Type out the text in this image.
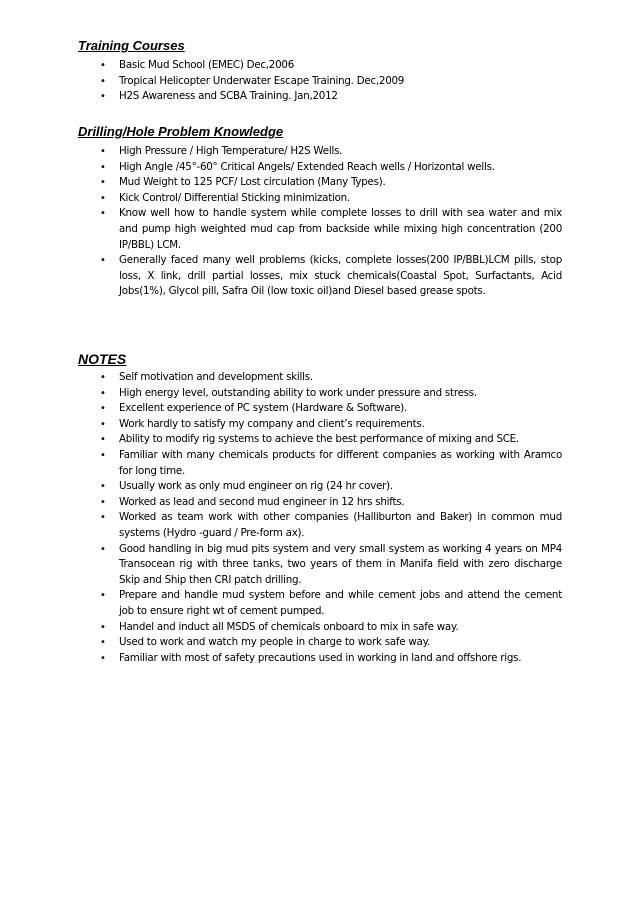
Training Courses
•	Basic Mud School (EMEC) Dec,2006
•	Tropical Helicopter Underwater Escape Training. Dec,2009
•	H2S Awareness and SCBA Training. Jan,2012
Drilling/Hole Problem Knowledge
•	High Pressure / High Temperature/ H2S Wells.
•	High Angle /45°-60° Critical Angels/ Extended Reach wells / Horizontal wells.
•	Mud Weight to 125 PCF/ Lost circulation (Many Types).
•	Kick Control/ Differential Sticking minimization.
•	Know well how to handle system while complete losses to drill with sea water and mix and pump high weighted mud cap from backside while mixing high concentration (200 IP/BBL) LCM.
•	Generally faced many well problems (kicks, complete losses(200 IP/BBL)LCM pills, stop loss, X link, drill partial losses, mix stuck chemicals(Coastal Spot, Surfactants, Acid Jobs(1%), Glycol pill, Safra Oil (low toxic oil)and Diesel based grease spots.
NOTES
•	Self motivation and development skills.
•	High energy level, outstanding ability to work under pressure and stress.
•	Excellent experience of PC system (Hardware & Software).
•	Work hardly to satisfy my company and client’s requirements.
•	Ability to modify rig systems to achieve the best performance of mixing and SCE.
•	Familiar with many chemicals products for different companies as working with Aramco for long time.
•	Usually work as only mud engineer on rig (24 hr cover).
•	Worked as lead and second mud engineer in 12 hrs shifts.
•	Worked as team work with other companies (Halliburton and Baker) in common mud systems (Hydro -guard / Pre-form ax).
•	Good handling in big mud pits system and very small system as working 4 years on MP4 Transocean rig with three tanks, two years of them in Manifa field with zero discharge Skip and Ship then CRI patch drilling.
•	Prepare and handle mud system before and while cement jobs and attend the cement job to ensure right wt of cement pumped.
•	Handel and induct all MSDS of chemicals onboard to mix in safe way.
•	Used to work and watch my people in charge to work safe way.
•	Familiar with most of safety precautions used in working in land and offshore rigs.
